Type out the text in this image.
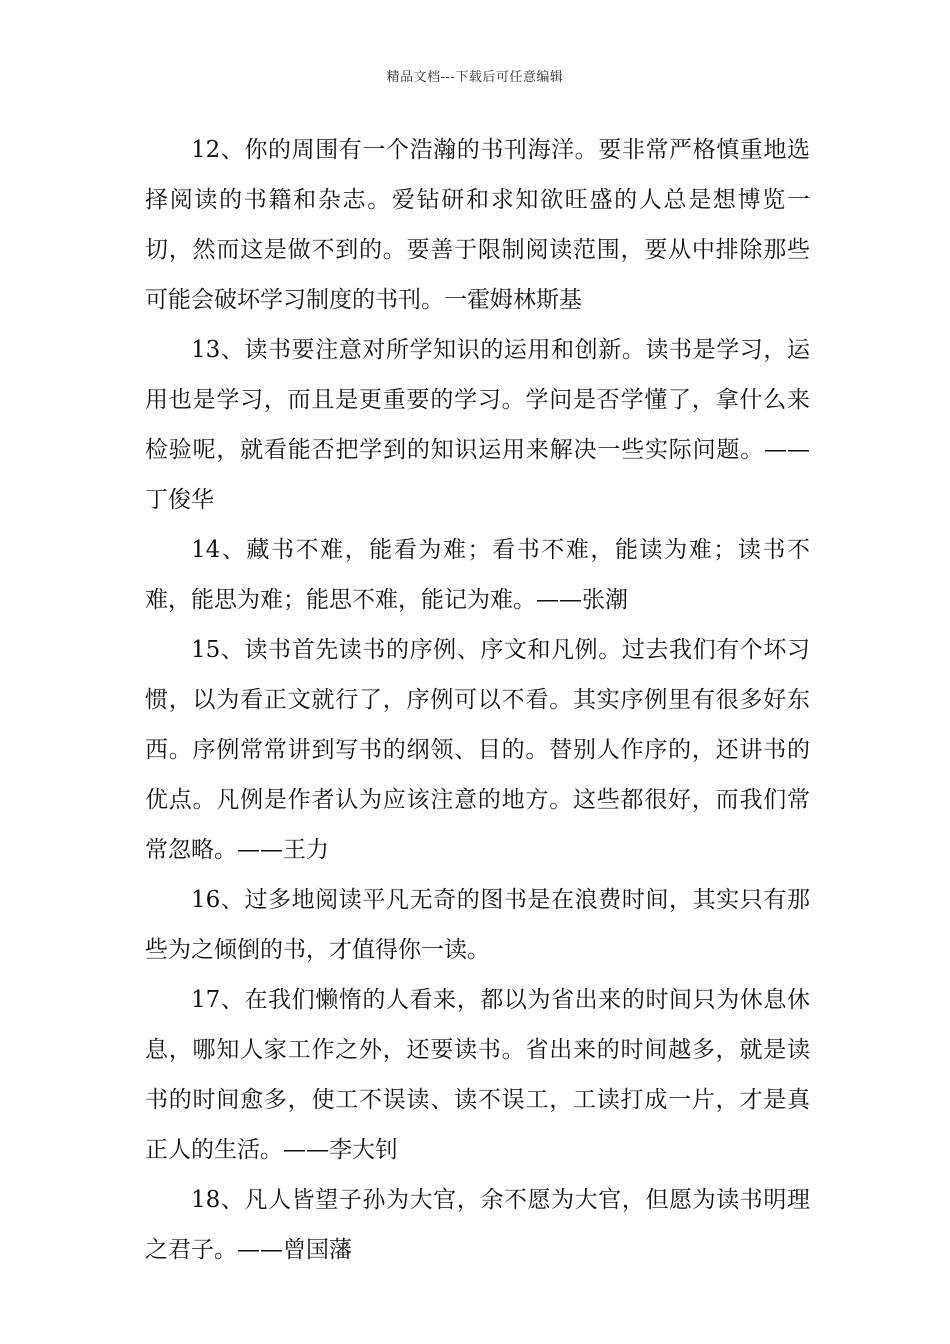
精品文档---下载后可任意编辑

12、你的周围有一个浩瀚的书刊海洋。要非常严格慎重地选择阅读的书籍和杂志。爱钻研和求知欲旺盛的人总是想博览一切，然而这是做不到的。要善于限制阅读范围，要从中排除那些可能会破坏学习制度的书刊。一霍姆林斯基

13、读书要注意对所学知识的运用和创新。读书是学习，运用也是学习，而且是更重要的学习。学问是否学懂了，拿什么来检验呢，就看能否把学到的知识运用来解决一些实际问题。——丁俊华

14、藏书不难，能看为难；看书不难，能读为难；读书不难，能思为难；能思不难，能记为难。——张潮

15、读书首先读书的序例、序文和凡例。过去我们有个坏习惯，以为看正文就行了，序例可以不看。其实序例里有很多好东西。序例常常讲到写书的纲领、目的。替别人作序的，还讲书的优点。凡例是作者认为应该注意的地方。这些都很好，而我们常常忽略。——王力

16、过多地阅读平凡无奇的图书是在浪费时间，其实只有那些为之倾倒的书，才值得你一读。

17、在我们懒惰的人看来，都以为省出来的时间只为休息休息，哪知人家工作之外，还要读书。省出来的时间越多，就是读书的时间愈多，使工不误读、读不误工，工读打成一片，才是真正人的生活。——李大钊

18、凡人皆望子孙为大官，余不愿为大官，但愿为读书明理之君子。——曾国藩
